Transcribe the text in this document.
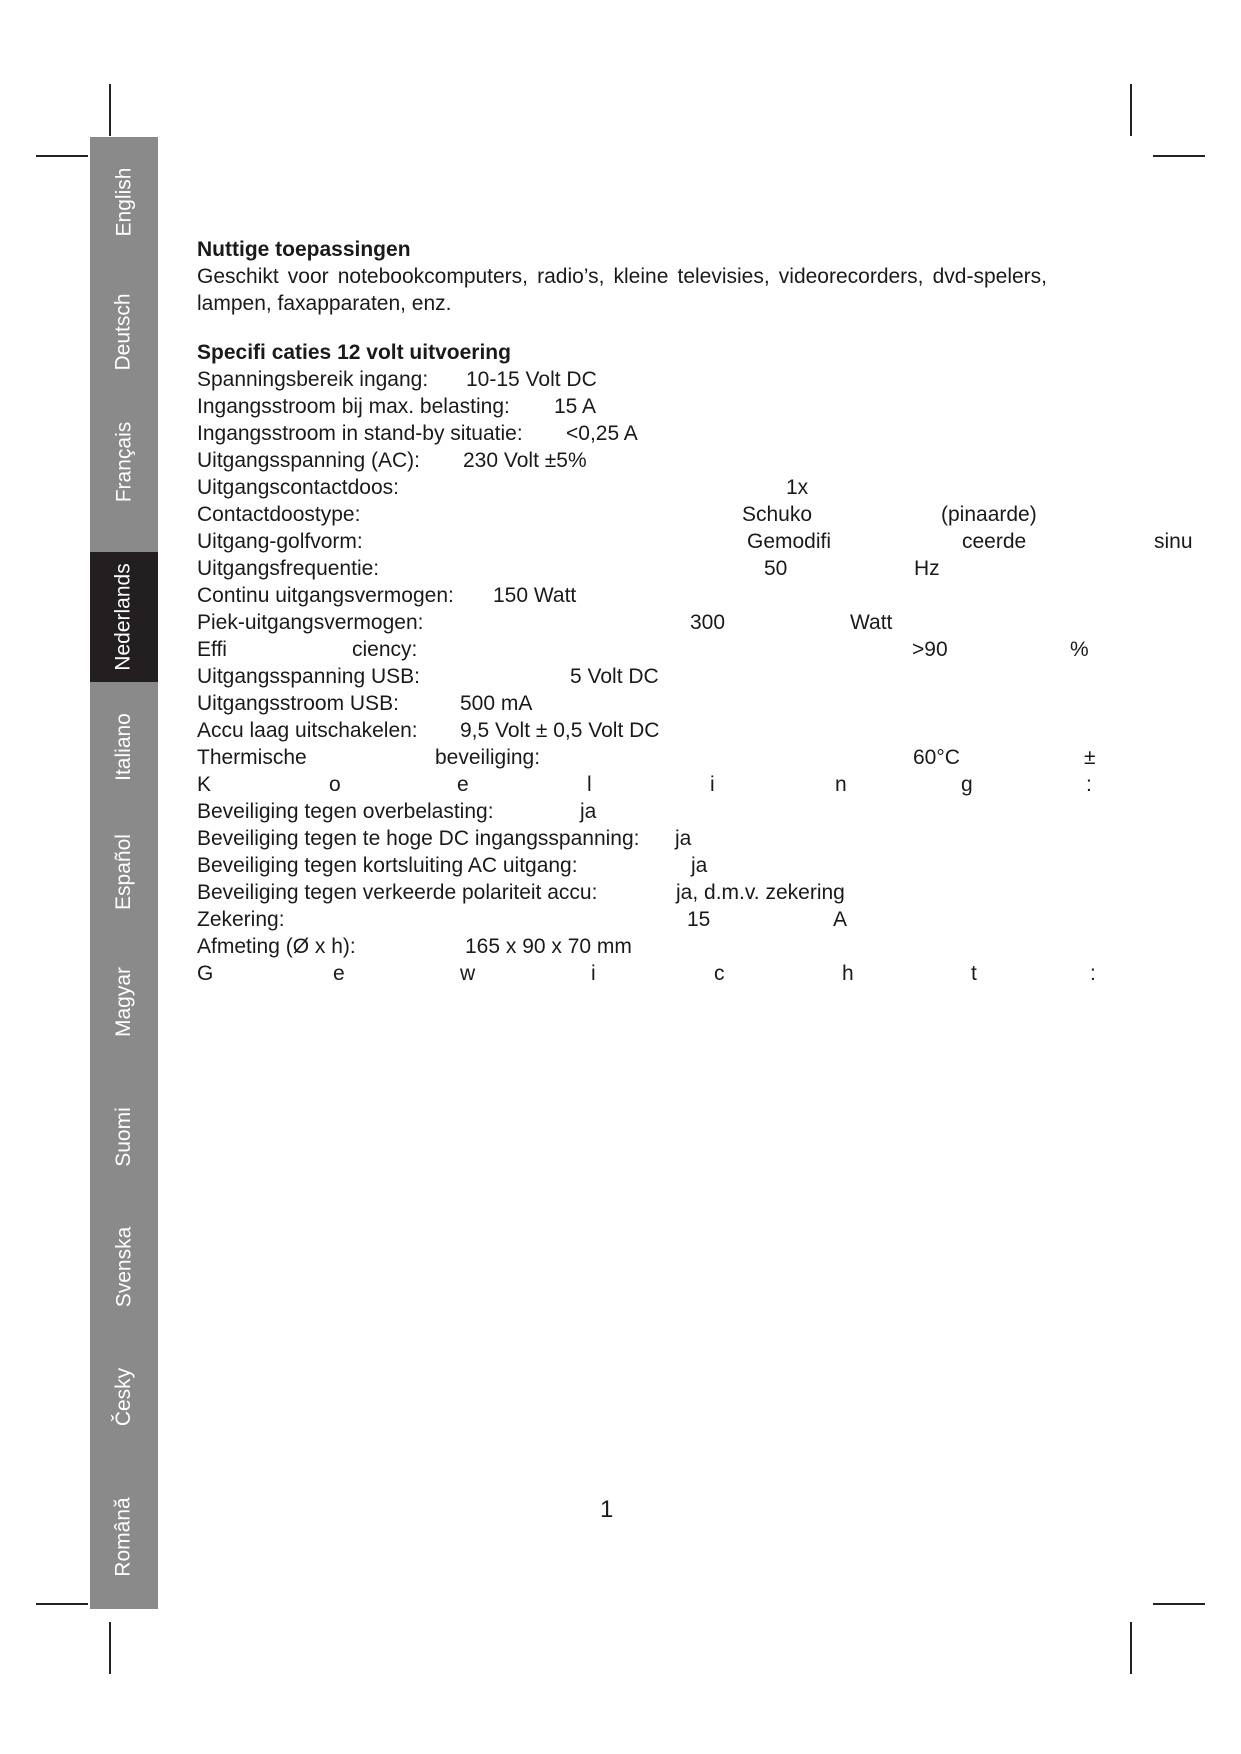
English
Deutsch
Français
Nederlands
Italiano
Español
Magyar
Suomi
Svenska
Česky
Română
Nuttige toepassingen

Geschikt voor notebookcomputers, radio’s, kleine televisies, videorecorders, dvd-spelers, lampen, faxapparaten, enz.

Specifi caties 12 volt uitvoering
Spanningsbereik ingang: 10-15 Volt DC
Ingangsstroom bij max. belasting: 15 A
Ingangsstroom in stand-by situatie: <0,25 A
Uitgangsspanning (AC): 230 Volt ±5%
Uitgangscontactdoos:	1x
Contactdoostype:	Schuko	(pinaarde)
Uitgang-golfvorm:	Gemodifi	ceerde	sinu
Uitgangsfrequentie:	50	Hz
Continu uitgangsvermogen: 150 Watt
Piek-uitgangsvermogen:	300	Watt
Effi	ciency:	>90	%
Uitgangsspanning USB:	5 Volt DC
Uitgangsstroom USB:	500 mA
Accu laag uitschakelen: 9,5 Volt ± 0,5 Volt DC
Thermische	beveiliging:	60°C	±
K	o	e	l	i	n	g	:
Beveiliging tegen overbelasting:	ja
Beveiliging tegen te hoge DC ingangsspanning: ja
Beveiliging tegen kortsluiting AC uitgang:	ja
Beveiliging tegen verkeerde polariteit accu:	ja, d.m.v. zekering
Zekering:	15	A
Afmeting (Ø x h):	165 x 90 x 70 mm
G	e	w	i	c	h	t	:
1
